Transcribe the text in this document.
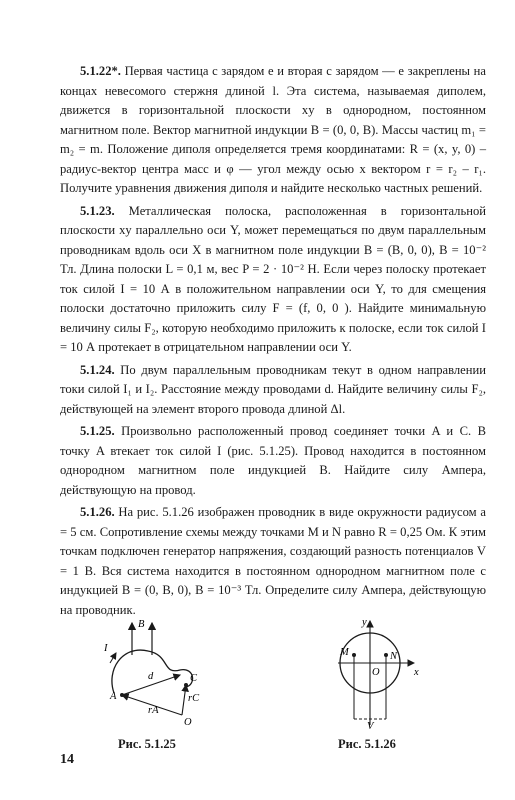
5.1.22*. Первая частица с зарядом e и вторая с зарядом — e закреплены на концах невесомого стержня длиной l. Эта система, называемая диполем, движется в горизонтальной плоскости xy в однородном, постоянном магнитном поле. Вектор магнитной индукции B = (0, 0, B). Массы частиц m₁ = m₂ = m. Положение диполя определяется тремя координатами: R = (x, y, 0) – радиус-вектор центра масс и φ — угол между осью x вектором r = r₂ – r₁. Получите уравнения движения диполя и найдите несколько частных решений.

5.1.23. Металлическая полоска, расположенная в горизонтальной плоскости xy параллельно оси Y, может перемещаться по двум параллельным проводникам вдоль оси X в магнитном поле индукции B = (B, 0, 0), B = 10⁻² Тл. Длина полоски L = 0,1 м, вес P = 2 · 10⁻² Н. Если через полоску протекает ток силой I = 10 А в положительном направлении оси Y, то для смещения полоски достаточно приложить силу F = (f, 0, 0 ). Найдите минимальную величину силы F₂, которую необходимо приложить к полоске, если ток силой I = 10 А протекает в отрицательном направлении оси Y.

5.1.24. По двум параллельным проводникам текут в одном направлении токи силой I₁ и I₂. Расстояние между проводами d. Найдите величину силы F₂, действующей на элемент второго провода длиной Δl.

5.1.25. Произвольно расположенный провод соединяет точки A и C. В точку A втекает ток силой I (рис. 5.1.25). Провод находится в постоянном однородном магнитном поле индукцией B. Найдите силу Ампера, действующую на провод.

5.1.26. На рис. 5.1.26 изображен проводник в виде окружности радиусом a = 5 см. Сопротивление схемы между точками M и N равно R = 0,25 Ом. К этим точкам подключен генератор напряжения, создающий разность потенциалов V = 1 В. Вся система находится в постоянном однородном магнитном поле с индукцией B = (0, B, 0), B = 10⁻³ Тл. Определите силу Ампера, действующую на проводник.

B
I
d
A
C
rC
rA
O
Рис. 5.1.25
y
M	N
O	x
V
Рис. 5.1.26
14
